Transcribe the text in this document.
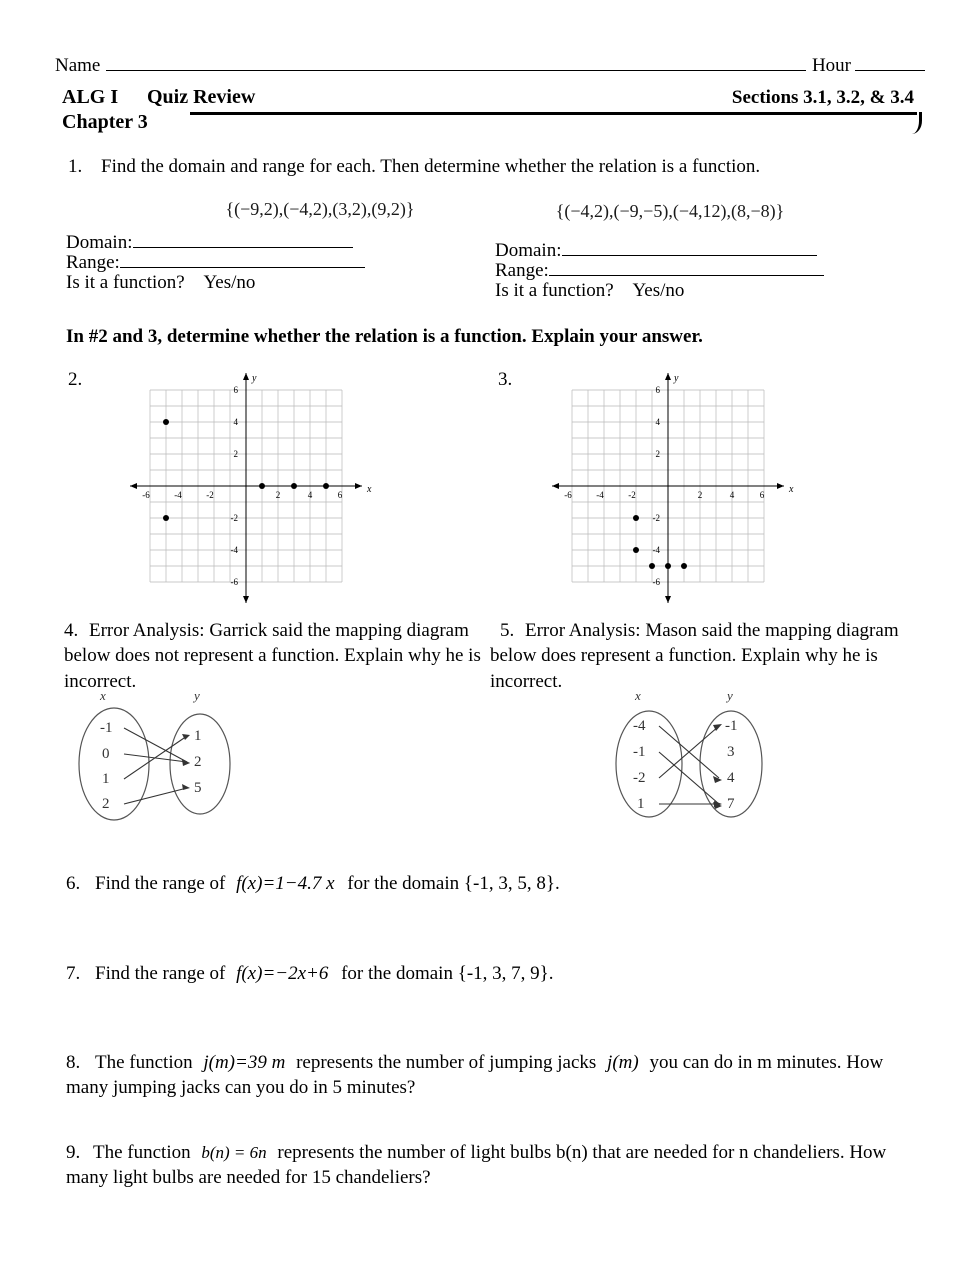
Name	Hour
ALG I	Quiz Review	Sections 3.1, 3.2, & 3.4
Chapter 3
1. Find the domain and range for each. Then determine whether the relation is a function.
{(−9,2),(−4,2),(3,2),(9,2)}
Domain:
Range:
Is it a function? Yes/no
{(−4,2),(−9,−5),(−4,12),(8,−8)}
Domain:
Range:
Is it a function? Yes/no
In #2 and 3, determine whether the relation is a function. Explain your answer.
2.
-6	-4	-2	2	4	6
6
4
2
-2
-4
-6
x
y	3.
-6	-4	-2	2	4	6
6
4
2
-2
-4
-6
x
y
4. Error Analysis: Garrick said the mapping diagram below does not represent a function. Explain why he is incorrect.
x	y
-1
0
1
2
1
2
5
5. Error Analysis: Mason said the mapping diagram below does represent a function. Explain why he is incorrect.
x	y
-4
-1
-2
1
-1
3
4
7
6. Find the range of f(x)=1−4.7 x for the domain {-1, 3, 5, 8}.
7. Find the range of f(x)=−2x+6 for the domain {-1, 3, 7, 9}.
8. The function j(m)=39 m represents the number of jumping jacks j(m) you can do in m minutes. How many jumping jacks can you do in 5 minutes?
9. The function b(n) = 6n represents the number of light bulbs b(n) that are needed for n chandeliers. How many light bulbs are needed for 15 chandeliers?
